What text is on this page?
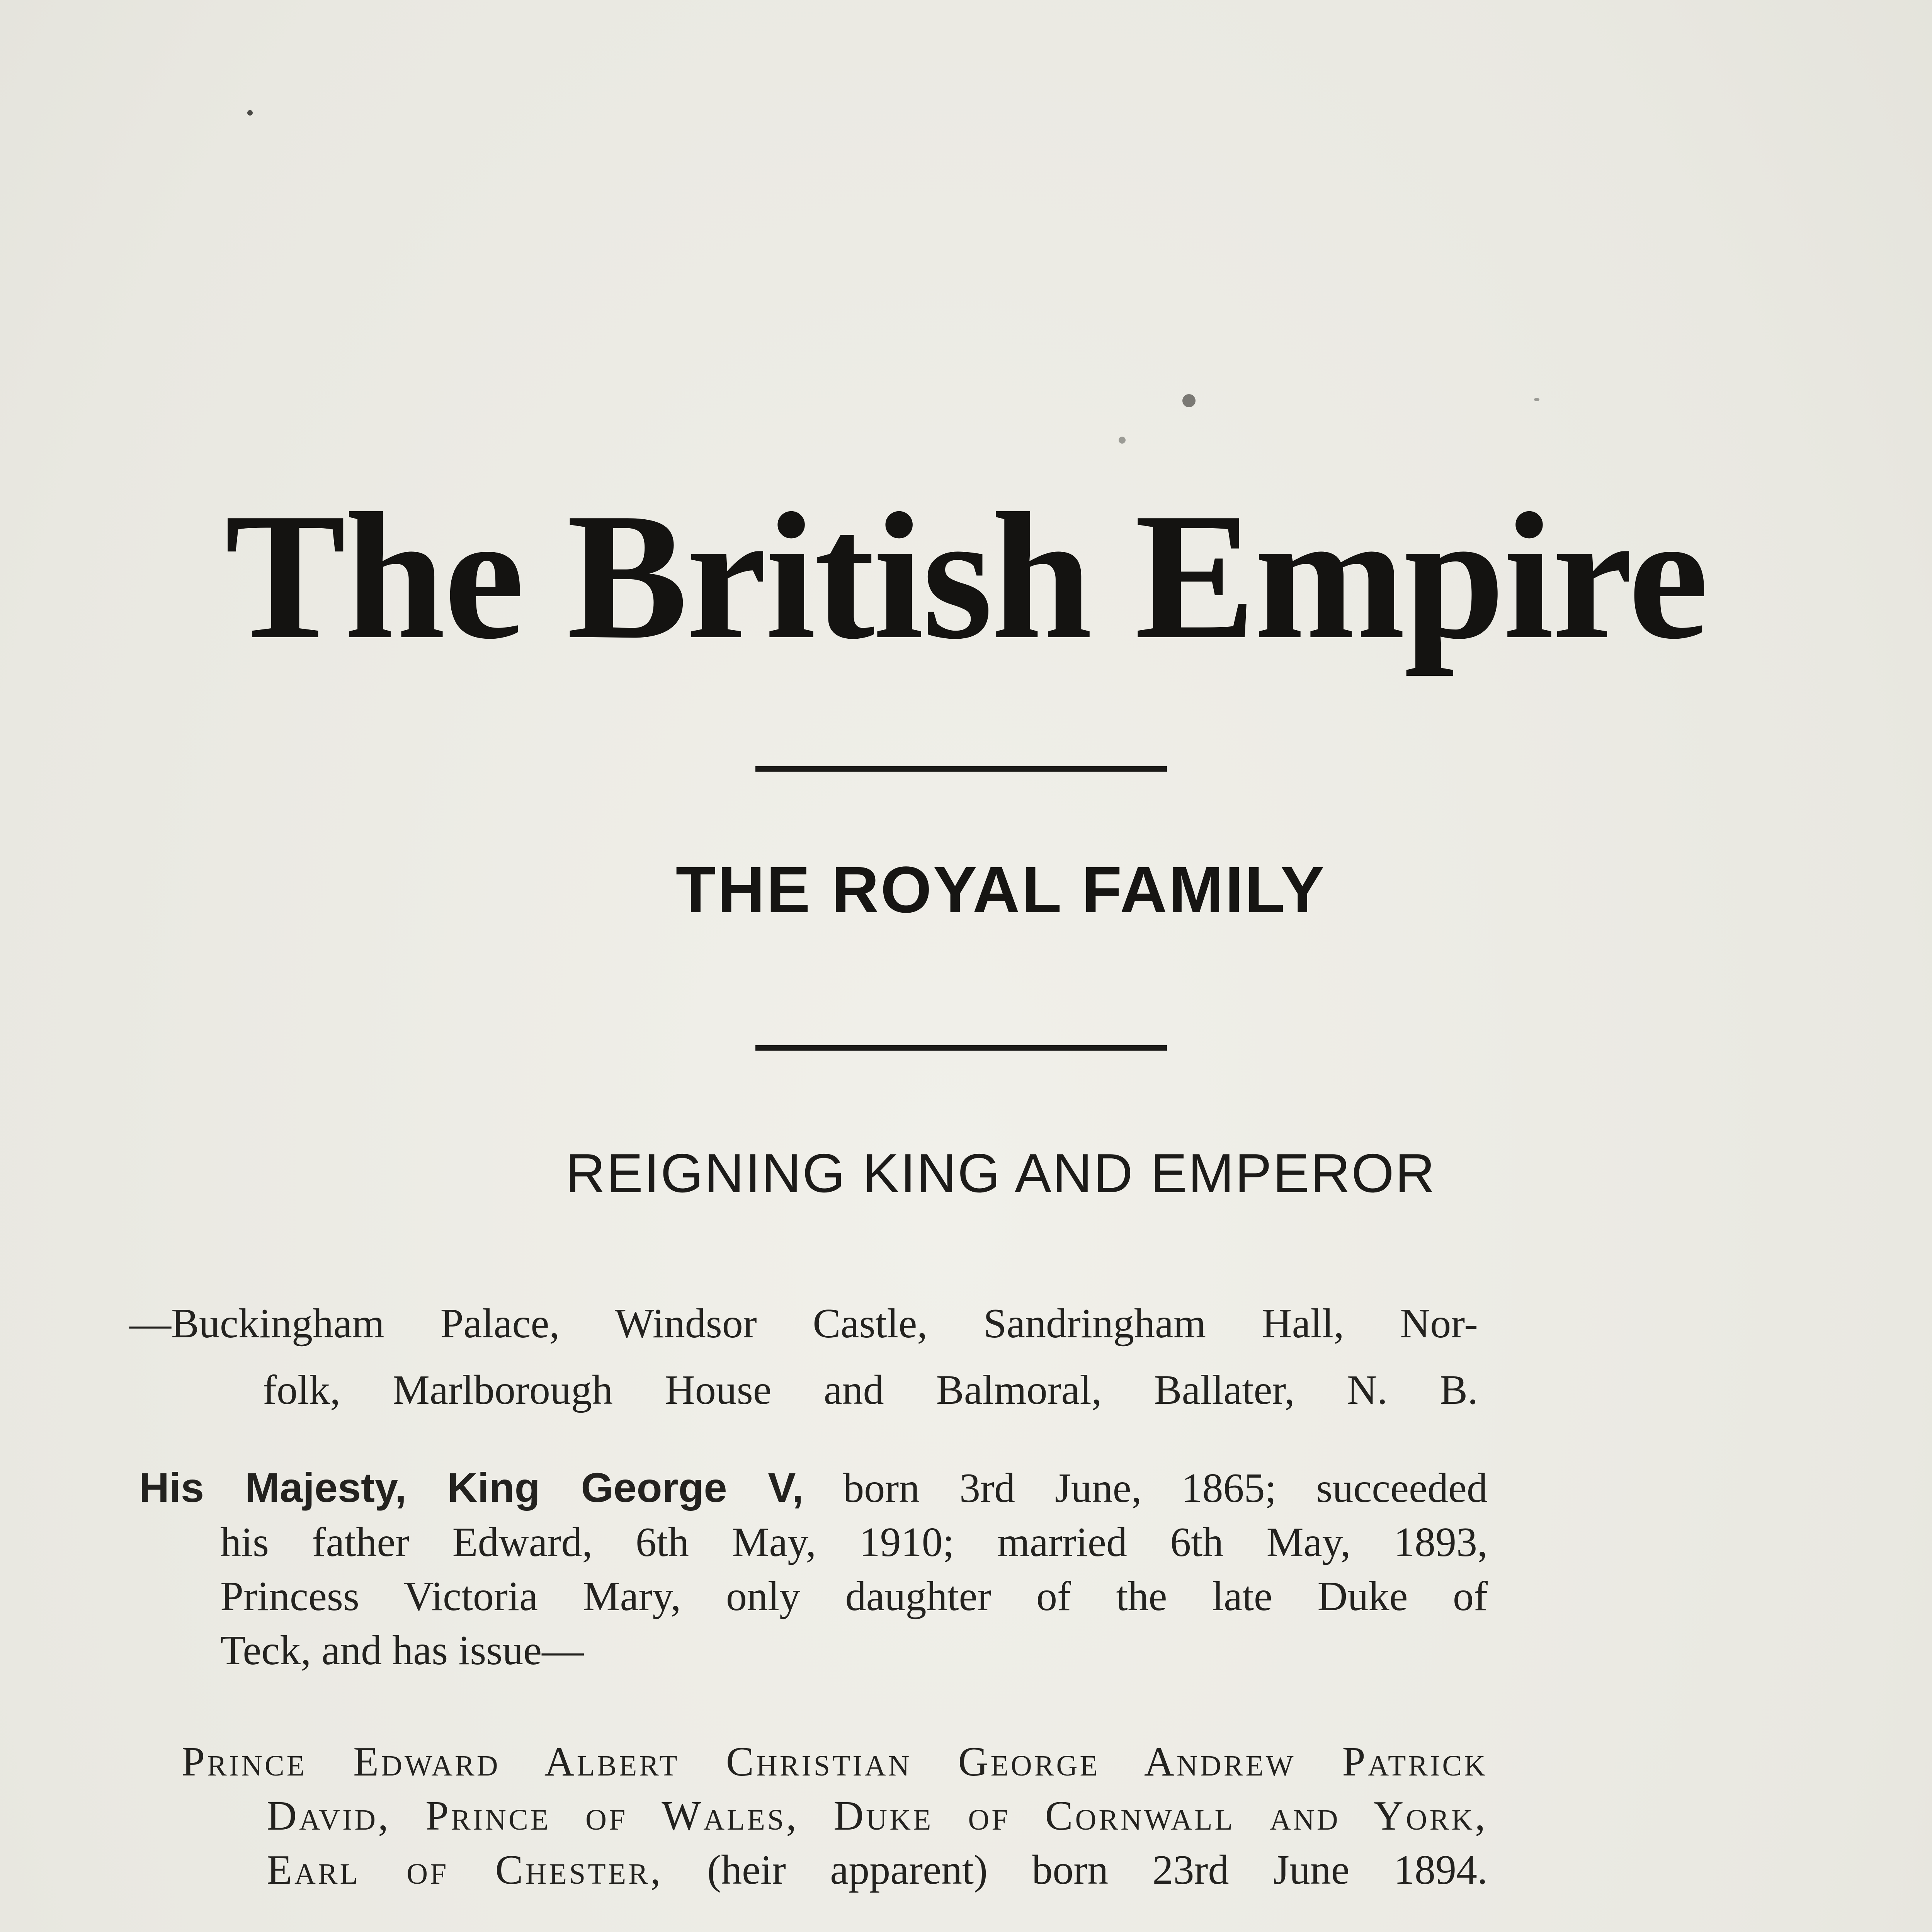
The British Empire
THE ROYAL FAMILY
REIGNING KING AND EMPEROR
—Buckingham Palace, Windsor Castle, Sandringham Hall, Nor-
folk, Marlborough House and Balmoral, Ballater, N. B.
His Majesty, King George V, born 3rd June, 1865; succeeded
his father Edward, 6th May, 1910; married 6th May, 1893,
Princess Victoria Mary, only daughter of the late Duke of
Teck, and has issue—
Prince Edward Albert Christian George Andrew Patrick
David, Prince of Wales, Duke of Cornwall and York,
Earl of Chester, (heir apparent) born 23rd June 1894.
